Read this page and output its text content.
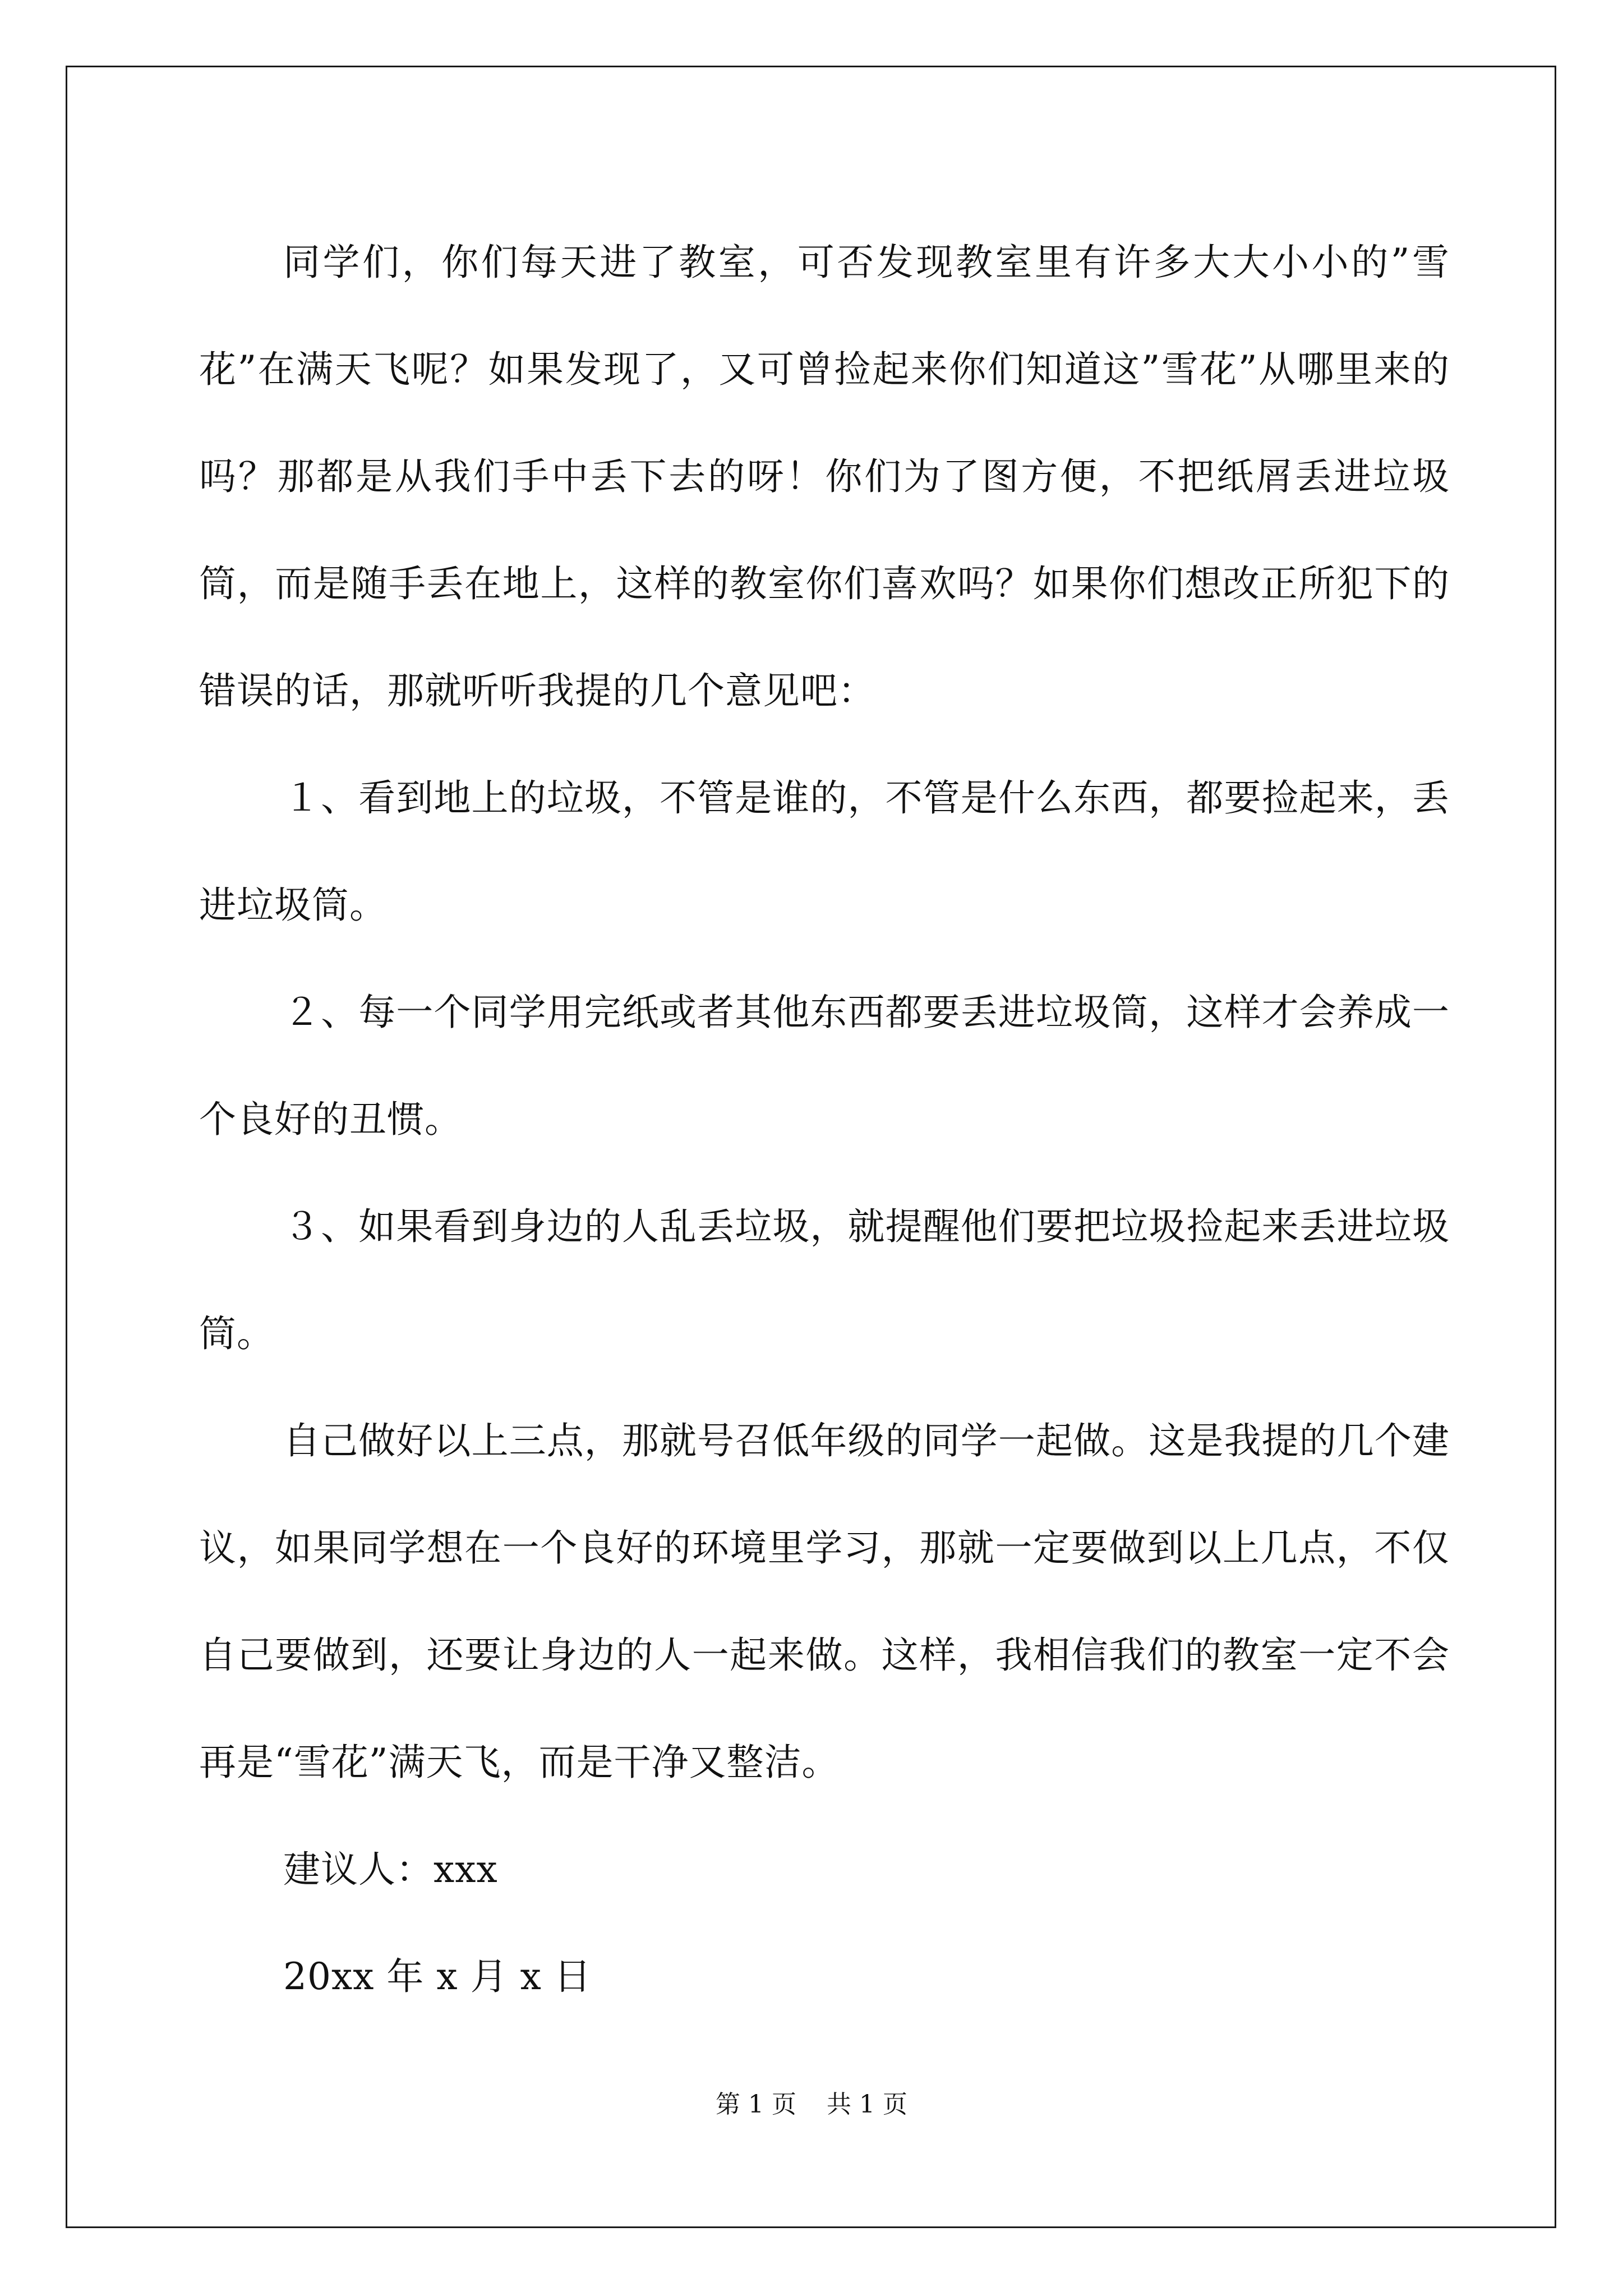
同学们，你们每天进了教室，可否发现教室里有许多大大小小的”雪花”在满天飞呢？如果发现了，又可曾捡起来你们知道这”雪花”从哪里来的吗？那都是从我们手中丢下去的呀！你们为了图方便，不把纸屑丢进垃圾筒，而是随手丢在地上，这样的教室你们喜欢吗？如果你们想改正所犯下的错误的话，那就听听我提的几个意见吧：

１、看到地上的垃圾，不管是谁的，不管是什么东西，都要捡起来，丢进垃圾筒。

２、每一个同学用完纸或者其他东西都要丢进垃圾筒，这样才会养成一个良好的丑惯。

３、如果看到身边的人乱丢垃圾，就提醒他们要把垃圾捡起来丢进垃圾筒。

自己做好以上三点，那就号召低年级的同学一起做。这是我提的几个建议，如果同学想在一个良好的环境里学习，那就一定要做到以上几点，不仅自己要做到，还要让身边的人一起来做。这样，我相信我们的教室一定不会再是“雪花”满天飞，而是干净又整洁。

建议人：xxx

20xx 年 x 月 x 日

第 1 页 共 1 页
